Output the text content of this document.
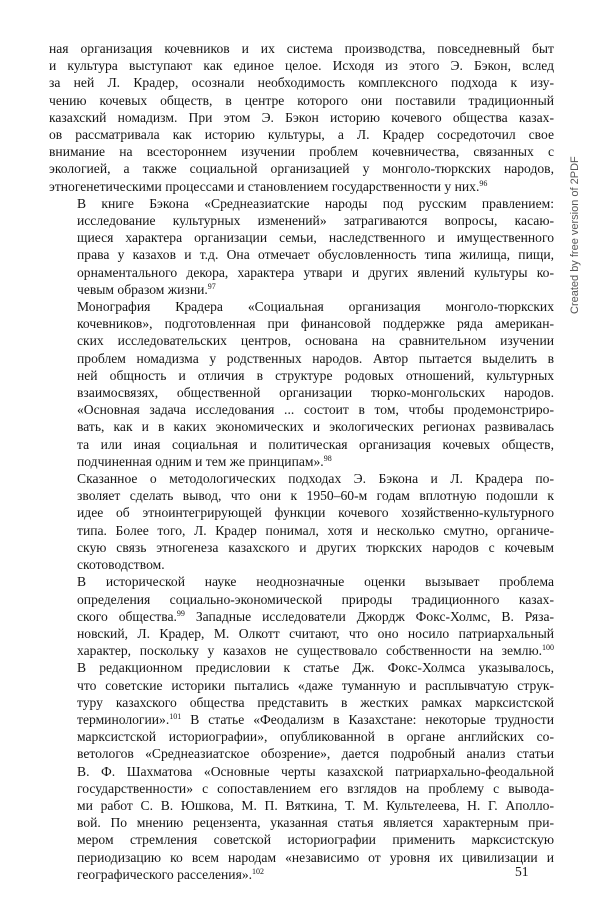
ная организация кочевников и их система производства, повседневный быт
и культура выступают как единое целое. Исходя из этого Э. Бэкон, вслед
за ней Л. Крадер, осознали необходимость комплексного подхода к изу-
чению кочевых обществ, в центре которого они поставили традиционный
казахский номадизм. При этом Э. Бэкон историю кочевого общества казах-
ов рассматривала как историю культуры, а Л. Крадер сосредоточил свое
внимание на всестороннем изучении проблем кочевничества, связанных с
экологией, а также социальной организацией у монголо-тюркских народов,
этногенетическими процессами и становлением государственности у них.$^{96}$

В книге Бэкона «Среднеазиатские народы под русским правлением:
исследование культурных изменений» затрагиваются вопросы, касаю-
щиеся характера организации семьи, наследственного и имущественного
права у казахов и т.д. Она отмечает обусловленность типа жилища, пищи,
орнаментального декора, характера утвари и других явлений культуры ко-
чевым образом жизни.$^{97}$

Монография Крадера «Социальная организация монголо-тюркских
кочевников», подготовленная при финансовой поддержке ряда американ-
ских исследовательских центров, основана на сравнительном изучении
проблем номадизма у родственных народов. Автор пытается выделить в
ней общность и отличия в структуре родовых отношений, культурных
взаимосвязях, общественной организации тюрко-монгольских народов.
«Основная задача исследования ... состоит в том, чтобы продемонстриро-
вать, как и в каких экономических и экологических регионах развивалась
та или иная социальная и политическая организация кочевых обществ,
подчиненная одним и тем же принципам».$^{98}$

Сказанное о методологических подходах Э. Бэкона и Л. Крадера по-
зволяет сделать вывод, что они к 1950–60-м годам вплотную подошли к
идее об этноинтегрирующей функции кочевого хозяйственно-культурного
типа. Более того, Л. Крадер понимал, хотя и несколько смутно, органиче-
скую связь этногенеза казахского и других тюркских народов с кочевым
скотоводством.

В исторической науке неоднозначные оценки вызывает проблема
определения социально-экономической природы традиционного казах-
ского общества.$^{99}$ Западные исследователи Джордж Фокс-Холмс, В. Ряза-
новский, Л. Крадер, М. Олкотт считают, что оно носило патриархальный
характер, поскольку у казахов не существовало собственности на землю.$^{100}$
В редакционном предисловии к статье Дж. Фокс-Холмса указывалось,
что советские историки пытались «даже туманную и расплывчатую струк-
туру казахского общества представить в жестких рамках марксистской
терминологии».$^{101}$ В статье «Феодализм в Казахстане: некоторые трудности
марксистской историографии», опубликованной в органе английских со-
ветологов «Среднеазиатское обозрение», дается подробный анализ статьи
В. Ф. Шахматова «Основные черты казахской патриархально-феодальной
государственности» с сопоставлением его взглядов на проблему с вывода-
ми работ С. В. Юшкова, М. П. Вяткина, Т. М. Культелеева, Н. Г. Аполло-
вой. По мнению рецензента, указанная статья является характерным при-
мером стремления советской историографии применить марксистскую
периодизацию ко всем народам «независимо от уровня их цивилизации и
географического расселения».$^{102}$	51
Created by free version of 2PDF
